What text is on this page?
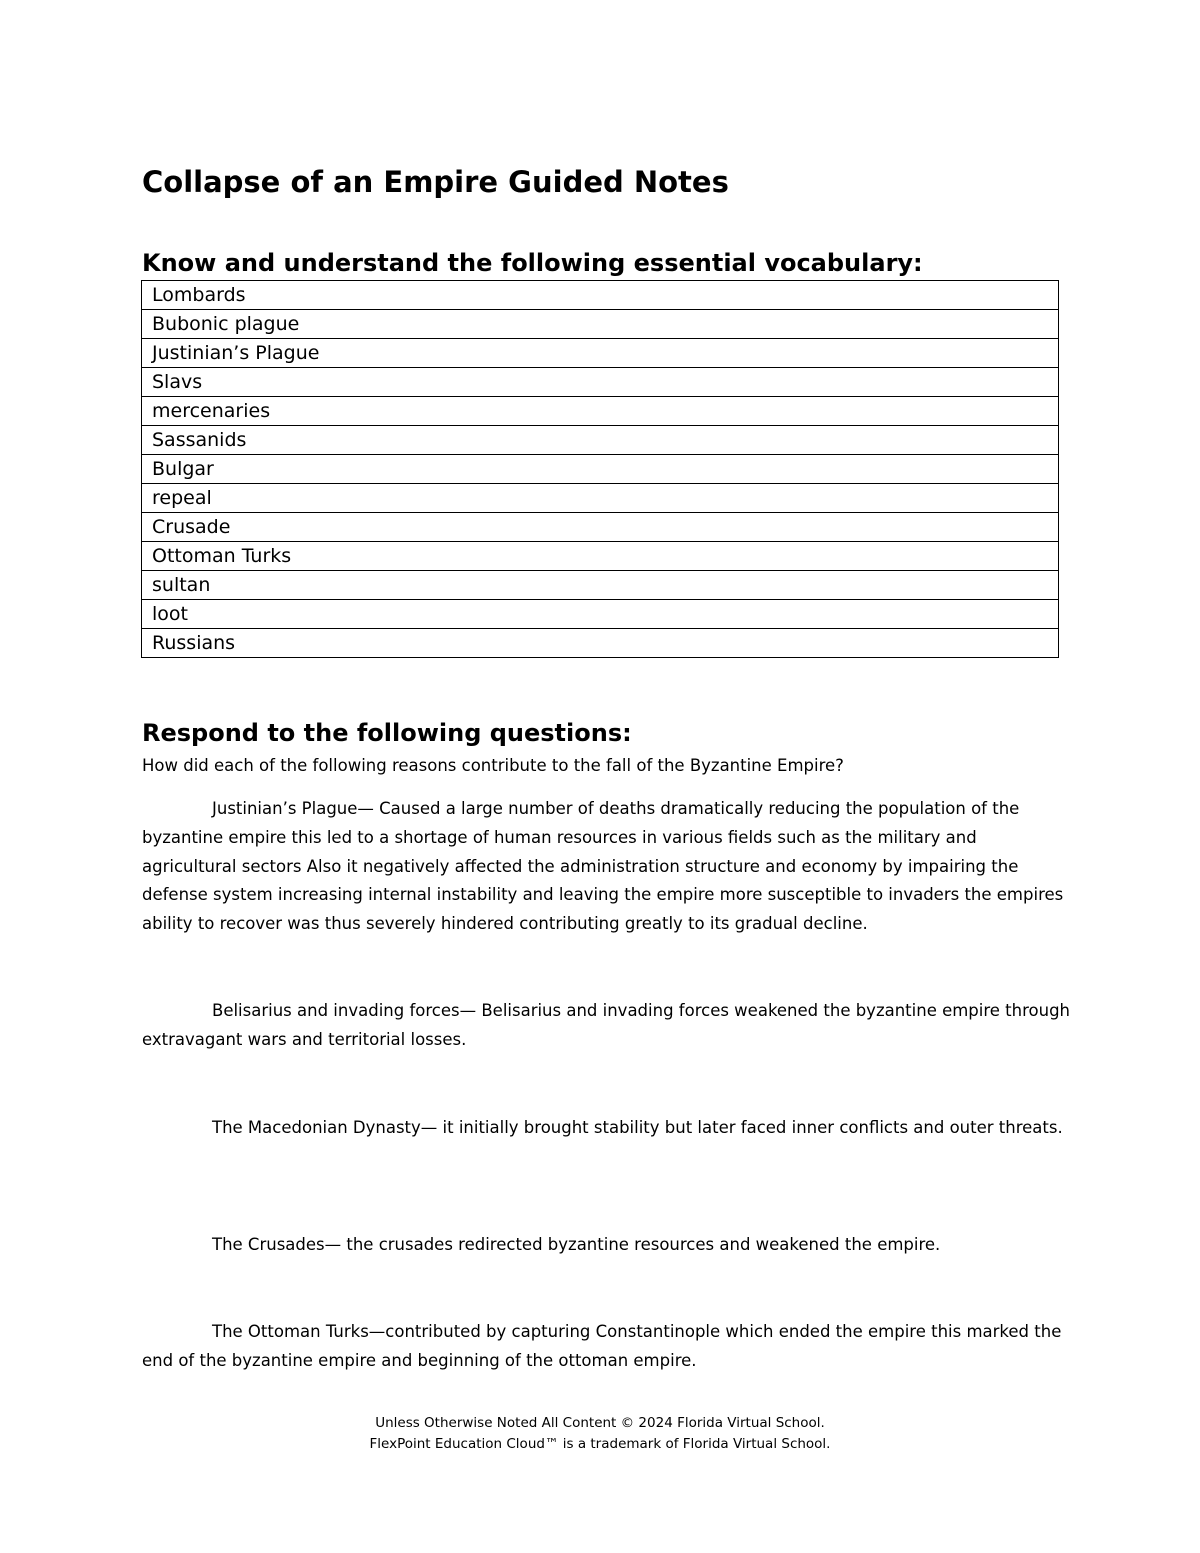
Collapse of an Empire Guided Notes
Know and understand the following essential vocabulary:
Lombards
Bubonic plague
Justinian’s Plague
Slavs
mercenaries
Sassanids
Bulgar
repeal
Crusade
Ottoman Turks
sultan
loot
Russians
Respond to the following questions:

How did each of the following reasons contribute to the fall of the Byzantine Empire?

Justinian’s Plague— Caused a large number of deaths dramatically reducing the population of the byzantine empire this led to a shortage of human resources in various fields such as the military and agricultural sectors Also it negatively affected the administration structure and economy by impairing the defense system increasing internal instability and leaving the empire more susceptible to invaders the empires ability to recover was thus severely hindered contributing greatly to its gradual decline.

Belisarius and invading forces— Belisarius and invading forces weakened the byzantine empire through extravagant wars and territorial losses.

The Macedonian Dynasty— it initially brought stability but later faced inner conflicts and outer threats.

The Crusades— the crusades redirected byzantine resources and weakened the empire.

The Ottoman Turks—contributed by capturing Constantinople which ended the empire this marked the end of the byzantine empire and beginning of the ottoman empire.

Unless Otherwise Noted All Content © 2024 Florida Virtual School.
FlexPoint Education Cloud™ is a trademark of Florida Virtual School.
